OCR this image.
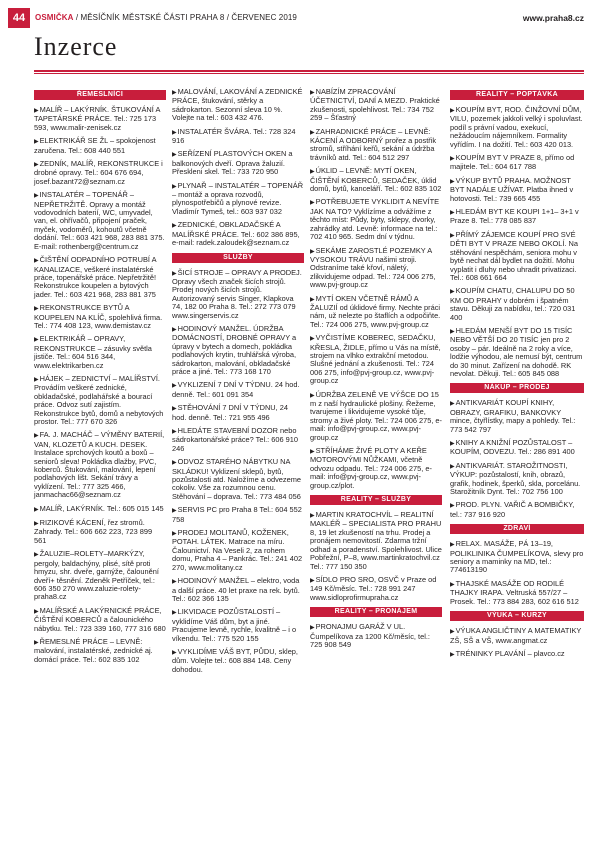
44	OSMIČKA / MĚSÍČNÍK MĚSTSKÉ ČÁSTI PRAHA 8 / ČERVENEC 2019	www.praha8.cz
Inzerce
ŘEMESLNÍCI
▶MALÍŘ – LAKÝRNÍK. ŠTUKOVÁNÍ A TAPETÁRSKÉ PRÁCE. Tel.: 725 173 593, www.malir-zenisek.cz
▶ELEKTRIKÁŘ SE ŽL – spokojenost zaručena. Tel.: 608 440 551
▶ZEDNÍK, MALÍŘ, REKONSTRUKCE i drobné opravy. Tel.: 604 676 694, josef.bazant72@seznam.cz
▶INSTALATÉR – TOPENÁŘ – NEPŘETRŽITĚ. Opravy a montáž vodovodních baterií, WC, umyvadel, van, el. ohřívačů, připojení praček, myček, vodoměrů, kohoutů včetně dodání. Tel.: 603 421 968, 283 881 375. E-mail: rothenberg@centrum.cz
▶ČIŠTĚNÍ ODPADNÍHO POTRUBÍ A KANALIZACE, veškeré instalatérské práce, topenářské práce. Nepřetržitě! Rekonstrukce koupelen a bytových jader. Tel.: 603 421 968, 283 881 375
▶REKONSTRUKCE BYTŮ A KOUPELEN NA KLÍČ, spolehlivá firma. Tel.: 774 408 123, www.demistav.cz
▶ELEKTRIKÁŘ – OPRAVY, REKONSTRUKCE – zásuvky světla jističe. Tel.: 604 516 344, www.elektrikarben.cz
▶HÁJEK – ZEDNICTVÍ – MALÍŘSTVÍ. Provádím veškeré zednické, obkladačské, podlahářské a bourací práce. Odvoz sutí zajistím. Rekonstrukce bytů, domů a nebytových prostor. Tel.: 777 670 326
▶FA. J. MACHÁČ – VÝMĚNY BATERIÍ, VAN, KLOZETŮ A KUCH. DESEK. Instalace sprchových koutů a boxů – seniorů sleva! Pokládka dlažby, PVC, koberců. Štukování, malování, lepení podlahových lišt. Sekání trávy a vyklízení. Tel.: 777 325 466, janmachac66@seznam.cz
▶MALÍŘ, LAKÝRNÍK. Tel.: 605 015 145
▶RIZIKOVÉ KÁCENÍ, řez stromů. Zahrady. Tel.: 606 662 223, 723 899 561
▶ŽALUZIE–ROLETY–MARKÝZY, pergoly, baldachýny, plisé, sítě proti hmyzu, shr. dveře, garnýže, čalounění dveří+ těsnění. Zdeněk Petříček, tel.: 606 350 270 www.zaluzie-rolety-praha8.cz
▶MALÍŘSKÉ A LAKÝRNICKÉ PRÁCE, ČIŠTĚNÍ KOBERCŮ a čalounického nábytku. Tel.: 723 339 160, 777 316 680
▶ŘEMESLNÉ PRÁCE – LEVNĚ: malování, instalatérské, zednické aj. domácí práce. Tel.: 602 835 102
▶MALOVÁNÍ, LAKOVÁNÍ A ZEDNICKÉ PRÁCE, štukování, stěrky a sádrokarton. Sezonní sleva 10 %. Volejte na tel.: 603 432 476.
▶INSTALATÉR ŠVÁRA. Tel.: 728 324 916
▶SEŘÍZENÍ PLASTOVÝCH OKEN a balkonových dveří. Oprava žaluzií. Přeskleni skel. Tel.: 733 720 950
▶PLYNAŘ – INSTALATÉR – TOPENÁŘ – montáž a oprava rozvodů, plynospotřebičů a plynové revize. Vladimír Tymeš, tel.: 603 937 032
▶ZEDNICKÉ, OBKLADAČSKÉ A MALÍŘSKÉ PRÁCE. Tel.: 602 386 895, e-mail: radek.zaloudek@seznam.cz
SLUŽBY
▶ŠICÍ STROJE – OPRAVY A PRODEJ. Opravy všech značek šicích strojů. Prodej nových šicích strojů. Autorizovaný servis Singer, Klapkova 74, 182 00 Praha 8. Tel.: 272 773 079 www.singerservis.cz
▶HODINOVÝ MANŽEL. ÚDRŽBA DOMÁCNOSTÍ, DROBNÉ OPRAVY a úpravy v bytech a domech, pokládka podlahových krytin, truhlářská výroba, sádrokarton, malování, obkladačské práce a jiné. Tel.: 773 168 170
▶VYKLIZENÍ 7 DNÍ V TÝDNU. 24 hod. denně. Tel.: 601 091 354
▶STĚHOVÁNÍ 7 DNÍ V TÝDNU, 24 hod. denně. Tel.: 721 955 496
▶HLEDÁTE STAVEBNÍ DOZOR nebo sádrokartonářské práce? Tel.: 606 910 246
▶ODVOZ STARÉHO NÁBYTKU NA SKLÁDKU! Vyklizení sklepů, bytů, pozůstalosti atd. Naložíme a odvezeme cokoliv. Vše za rozumnou cenu. Stěhování – doprava. Tel.: 773 484 056
▶SERVIS PC pro Praha 8 Tel.: 604 552 758
▶PRODEJ MOLITANŮ, KOŽENEK, POTAH. LÁTEK. Matrace na míru. Čalounictví. Na Veseli 2, za rohem domu, Praha 4 – Pankrác. Tel.: 241 402 270, www.molitany.cz
▶HODINOVÝ MANŽEL – elektro, voda a další práce. 40 let praxe na rek. bytů. Tel.: 602 366 135
▶LIKVIDACE POZŮSTALOSTÍ – vyklidíme Váš dům, byt a jiné. Pracujeme levně, rychle, kvalitně – i o víkendu. Tel.: 775 520 155
▶VYKLIDÍME VÁŠ BYT, PŮDU, sklep, dům. Volejte tel.: 608 884 148. Ceny dohodou.
▶NABÍZÍM ZPRACOVÁNÍ ÚČETNICTVÍ, DANÍ A MEZD. Praktické zkušenosti, spolehlivost. Tel.: 734 752 259 – Šťastný
▶ZAHRADNICKÉ PRÁCE – LEVNĚ: KÁCENÍ A ODBORNÝ prořez a postřik stromů, stříhání keřů, sekání a údržba trávníků atd. Tel.: 604 512 297
▶ÚKLID – LEVNĚ: MYTÍ OKEN, ČIŠTĚNÍ KOBERCŮ, SEDAČEK, úklid domů, bytů, kanceláří. Tel.: 602 835 102
▶POTŘEBUJETE VYKLIDIT A NEVÍTE JAK NA TO? Vyklízíme a odvážíme z těchto míst: Půdy, byty, sklepy, dvorky, zahrádky atd. Levně: informace na tel.: 702 410 965. Sedm dní v týdnu.
▶SEKÁME ZAROSTLÉ POZEMKY A VYSOKOU TRÁVU našimi stroji. Odstraníme také křoví, náletý, zlikvidujeme odpad. Tel.: 724 006 275, www.pvj-group.cz
▶MYTÍ OKEN VČETNĚ RÁMŮ A ŽALUZIÍ od úklidové firmy. Nechte práci nám, už nelezte po štaflích a odpočiňte. Tel.: 724 006 275, www.pvj-group.cz
▶VYČISTÍME KOBEREC, SEDAČKU, KŘESLA, ŽIDLE, přímo u Vás na místě, strojem na vlhko extrakční metodou. Slušné jednání a zkušenosti. Tel.: 724 006 275, info@pvj-group.cz, www.pvj-group.cz
▶ÚDRŽBA ZELENĚ VE VÝŠCE DO 15 m z naší hydraulické plošiny. Řežeme, tvarujeme i likvidujeme vysoké tůje, stromy a živé ploty. Tel.: 724 006 275, e-mail: info@pvj-group.cz, www.pvj-group.cz
▶STŘÍHÁME ŽIVÉ PLOTY A KEŘE MOTOROVÝMI NŮŽKAMI, včetně odvozu odpadu. Tel.: 724 006 275, e-mail: info@pvj-group.cz, www.pvj-group.cz/plot.
REALITY – SLUŽBY
▶MARTIN KRATOCHVÍL – REALITNÍ MAKLÉŘ – SPECIALISTA PRO PRAHU 8, 19 let zkušeností na trhu. Prodej a pronájem nemovitostí. Zdarma tržní odhad a poradenství. Spolehlivost. Ulice Pobřežní, P–8, www.martinkratochvil.cz Tel.: 777 150 350
▶SÍDLO PRO SRO, OSVČ v Praze od 149 Kč/měsíc. Tel.: 728 991 247 www.sidloprofirmupraha.cz
REALITY – PRONÁJEM
▶PRONAJMU GARÁŽ V UL. Čumpelíkova za 1200 Kč/měsíc, tel.: 725 908 549
REALITY – POPTÁVKA
▶KOUPÍM BYT, ROD. ČINŽOVNÍ DŮM, VILU, pozemek jakkoli velký i spoluvlast. podíl s právní vadou, exekucí, nežádoucím nájemníkem. Formality vyřídím. I na dožití. Tel.: 603 420 013.
▶KOUPÍM BYT V PRAZE 8, přímo od majitele. Tel.: 604 617 788
▶VÝKUP BYTŮ PRAHA. MOŽNOST BYT NADÁLE UŽÍVAT. Platba ihned v hotovosti. Tel.: 739 665 455
▶HLEDÁM BYT KE KOUPI 1+1– 3+1 v Praze 8. Tel.: 778 085 837
▶PŘÍMÝ ZÁJEMCE KOUPÍ PRO SVÉ DĚTI BYT V PRAZE NEBO OKOLÍ. Na stěhování nespěchám, seniora mohu v bytě nechat dál bydlet na dožití. Mohu vyplatit i dluhy nebo uhradit privatizaci. Tel.: 608 661 664
▶KOUPÍM CHATU, CHALUPU DO 50 KM OD PRAHY v dobrém i špatném stavu. Děkuji za nabídku, tel.: 720 031 400
▶HLEDÁM MENŠÍ BYT DO 15 TISÍC NEBO VĚTŠÍ DO 20 TISÍC jen pro 2 osoby – pár. Ideálně na 2 roky a více, lodžie výhodou, ale nemusí být, centrum do 30 minut. Zařízení na dohodě. RK nevolat. Děkuji. Tel.: 605 845 088
NÁKUP – PRODEJ
▶ANTIKVARIÁT KOUPÍ KNIHY, OBRAZY, GRAFIKU, BANKOVKY mince, čtyřlístky, mapy a pohledy. Tel.: 773 542 797
▶KNIHY A KNIŽNÍ POZŮSTALOST – KOUPÍM, ODVEZU. Tel.: 286 891 400
▶ANTIKVARIÁT. STAROŽITNOSTI, VÝKUP: pozůstalostí, knih, obrazů, grafik, hodinek, šperků, skla, porcelánu. Starožitník Dynt. Tel.: 702 756 100
▶PROD. PLYN. VAŘIČ A BOMBIČKY, tel.: 737 916 920
ZDRAVÍ
▶RELAX. MASÁŽE, PÁ 13–19, POLIKLINIKA ČUMPELÍKOVA, slevy pro seniory a maminky na MD, tel.: 774613190
▶THAJSKÉ MASÁŽE OD RODILÉ THAJKY IRAPA. Veltruská 557/27 – Prosek. Tel.: 773 884 283, 602 616 512
VÝUKA – KURZY
▶VÝUKA ANGLIČTINY A MATEMATIKY ZŠ, SŠ a VŠ, www.angmat.cz
▶TRÉNINKY PLAVÁNÍ – plavco.cz
